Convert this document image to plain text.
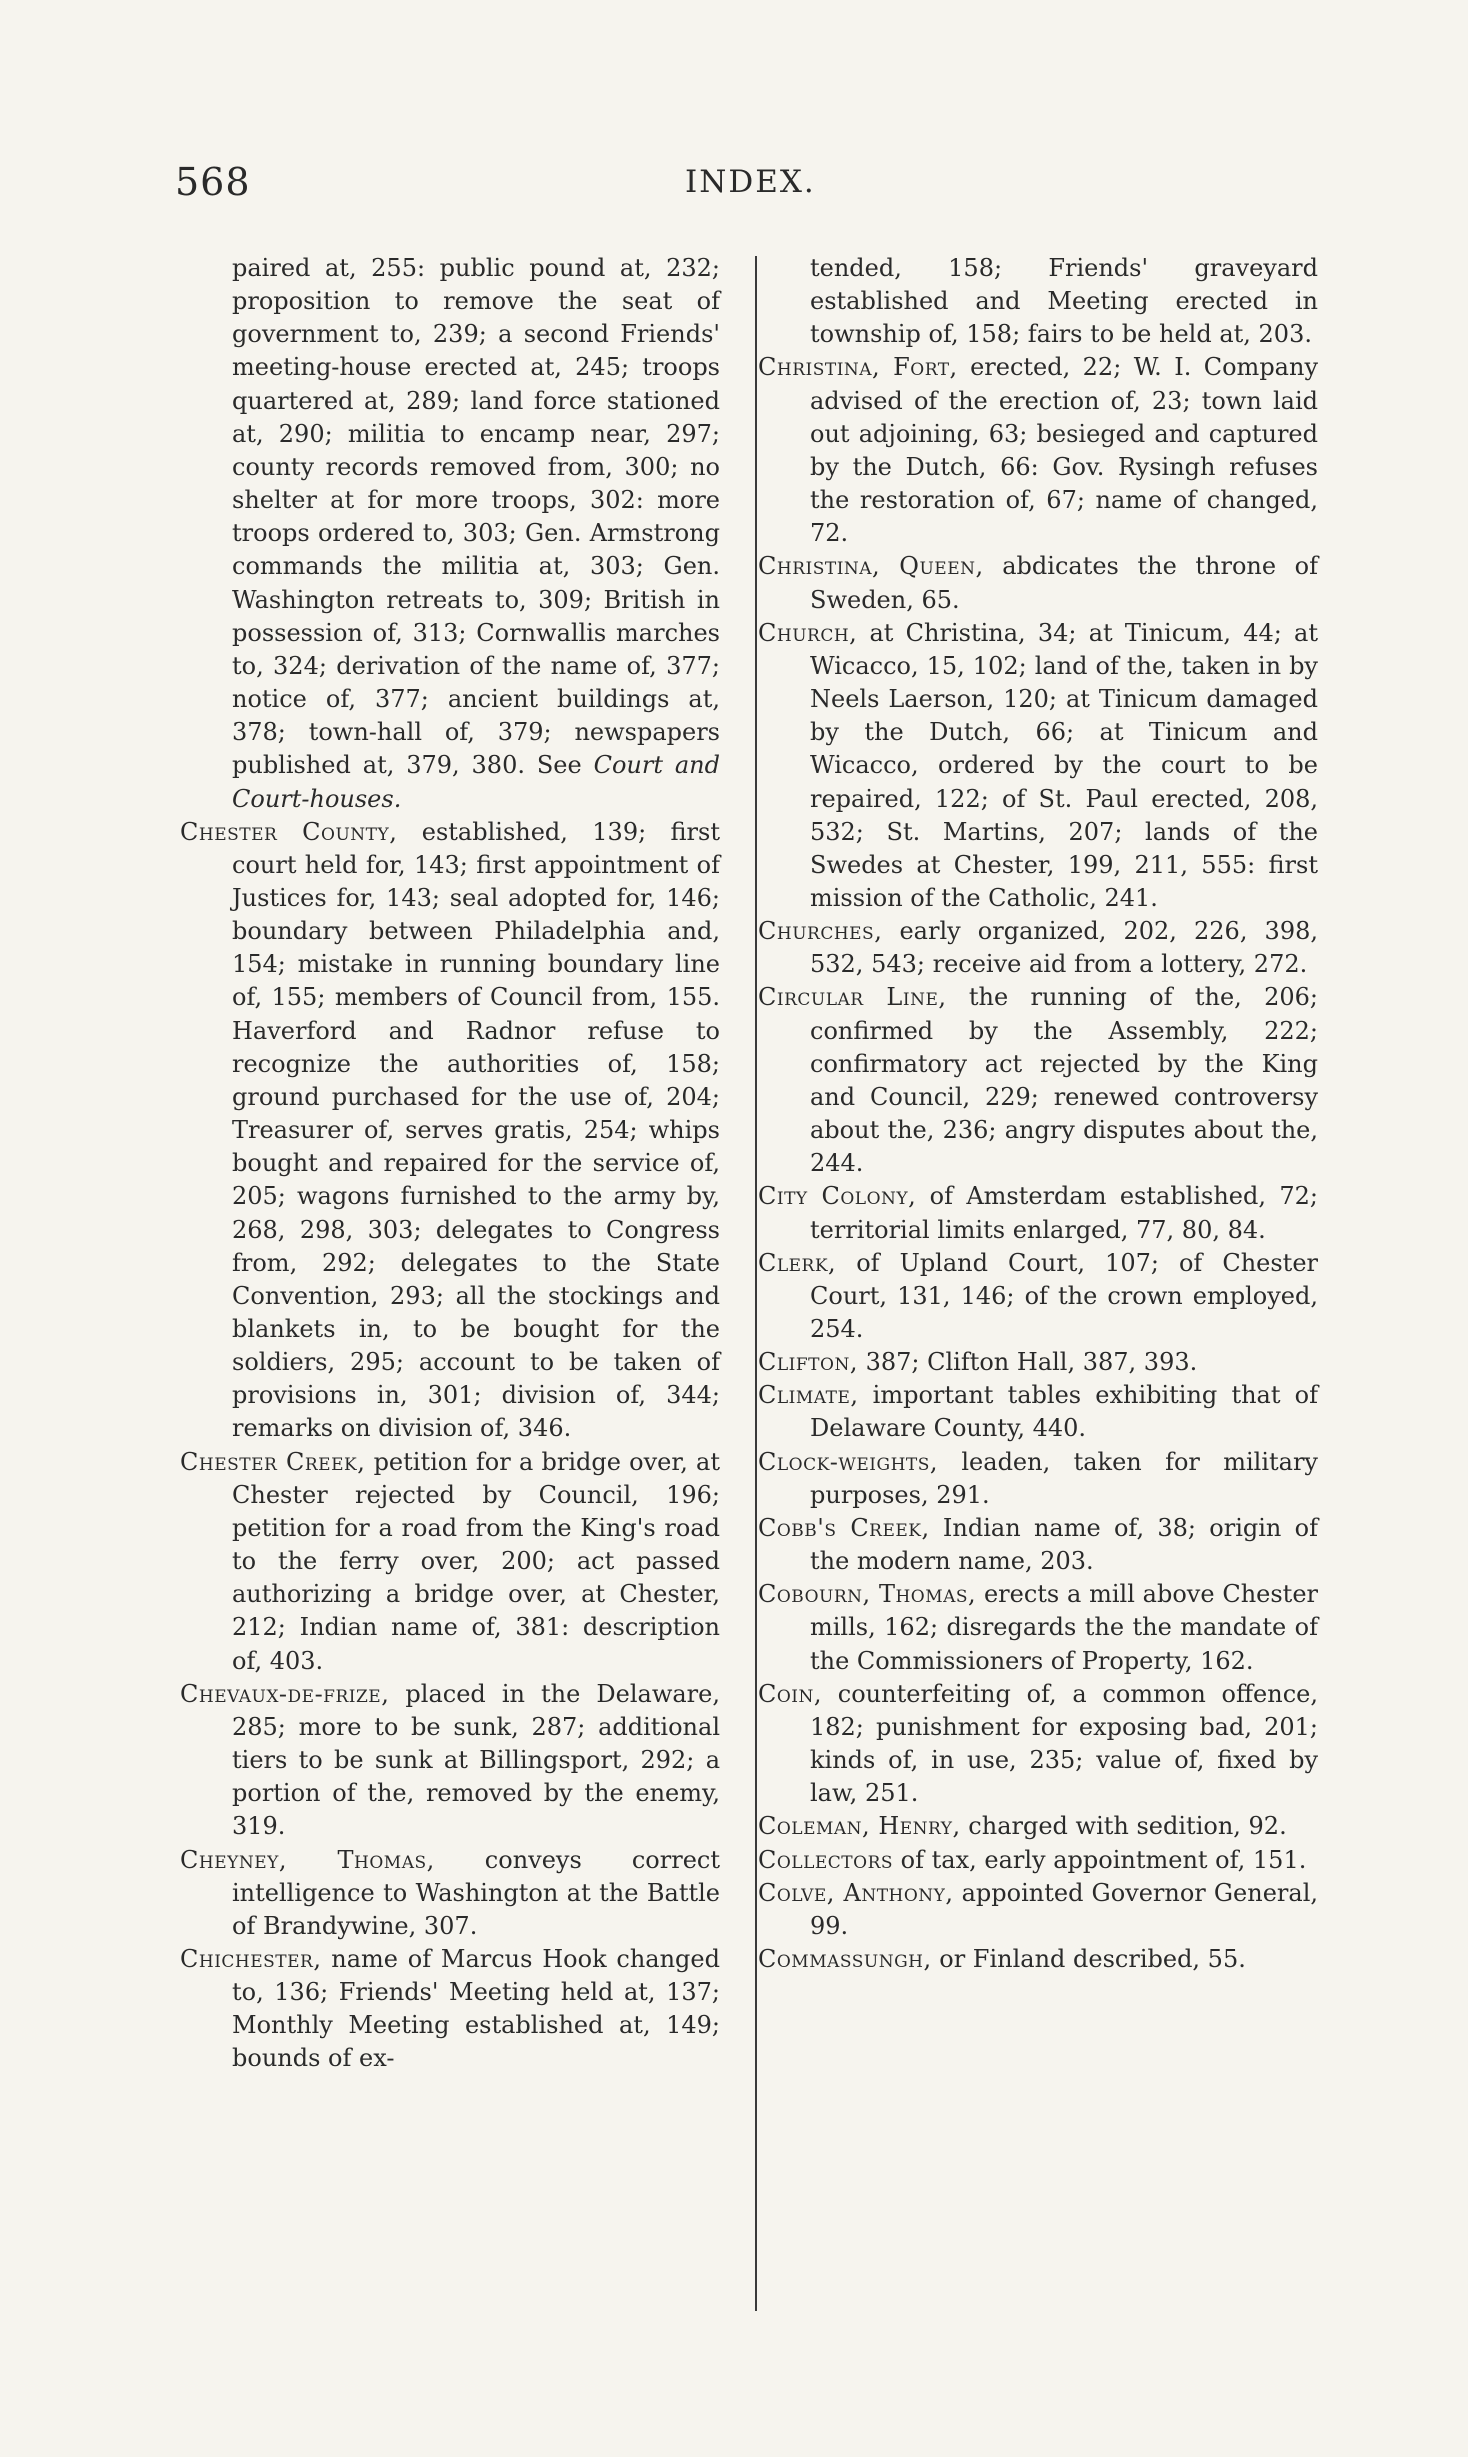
568	INDEX.

paired at, 255: public pound at, 232; proposition to remove the seat of government to, 239; a second Friends' meeting-house erected at, 245; troops quartered at, 289; land force stationed at, 290; militia to encamp near, 297; county records removed from, 300; no shelter at for more troops, 302: more troops ordered to, 303; Gen. Armstrong commands the militia at, 303; Gen. Washington retreats to, 309; British in possession of, 313; Cornwallis marches to, 324; derivation of the name of, 377; notice of, 377; ancient buildings at, 378; town-hall of, 379; newspapers published at, 379, 380. See Court and Court-houses.

Chester County, established, 139; first court held for, 143; first appointment of Justices for, 143; seal adopted for, 146; boundary between Philadelphia and, 154; mistake in running boundary line of, 155; members of Council from, 155. Haverford and Radnor refuse to recognize the authorities of, 158; ground purchased for the use of, 204; Treasurer of, serves gratis, 254; whips bought and repaired for the service of, 205; wagons furnished to the army by, 268, 298, 303; delegates to Congress from, 292; delegates to the State Convention, 293; all the stockings and blankets in, to be bought for the soldiers, 295; account to be taken of provisions in, 301; division of, 344; remarks on division of, 346.

Chester Creek, petition for a bridge over, at Chester rejected by Council, 196; petition for a road from the King's road to the ferry over, 200; act passed authorizing a bridge over, at Chester, 212; Indian name of, 381: description of, 403.

Chevaux-de-frize, placed in the Delaware, 285; more to be sunk, 287; additional tiers to be sunk at Billingsport, 292; a portion of the, removed by the enemy, 319.

Cheyney, Thomas, conveys correct intelligence to Washington at the Battle of Brandywine, 307.

Chichester, name of Marcus Hook changed to, 136; Friends' Meeting held at, 137; Monthly Meeting established at, 149; bounds of ex-

tended, 158; Friends' graveyard established and Meeting erected in township of, 158; fairs to be held at, 203.

Christina, Fort, erected, 22; W. I. Company advised of the erection of, 23; town laid out adjoining, 63; besieged and captured by the Dutch, 66: Gov. Rysingh refuses the restoration of, 67; name of changed, 72.

Christina, Queen, abdicates the throne of Sweden, 65.

Church, at Christina, 34; at Tinicum, 44; at Wicacco, 15, 102; land of the, taken in by Neels Laerson, 120; at Tinicum damaged by the Dutch, 66; at Tinicum and Wicacco, ordered by the court to be repaired, 122; of St. Paul erected, 208, 532; St. Martins, 207; lands of the Swedes at Chester, 199, 211, 555: first mission of the Catholic, 241.

Churches, early organized, 202, 226, 398, 532, 543; receive aid from a lottery, 272.

Circular Line, the running of the, 206; confirmed by the Assembly, 222; confirmatory act rejected by the King and Council, 229; renewed controversy about the, 236; angry disputes about the, 244.

City Colony, of Amsterdam established, 72; territorial limits enlarged, 77, 80, 84.

Clerk, of Upland Court, 107; of Chester Court, 131, 146; of the crown employed, 254.

Clifton, 387; Clifton Hall, 387, 393.

Climate, important tables exhibiting that of Delaware County, 440.

Clock-weights, leaden, taken for military purposes, 291.

Cobb's Creek, Indian name of, 38; origin of the modern name, 203.

Cobourn, Thomas, erects a mill above Chester mills, 162; disregards the the mandate of the Commissioners of Property, 162.

Coin, counterfeiting of, a common offence, 182; punishment for exposing bad, 201; kinds of, in use, 235; value of, fixed by law, 251.

Coleman, Henry, charged with sedition, 92.

Collectors of tax, early appointment of, 151.

Colve, Anthony, appointed Governor General, 99.

Commassungh, or Finland described, 55.
